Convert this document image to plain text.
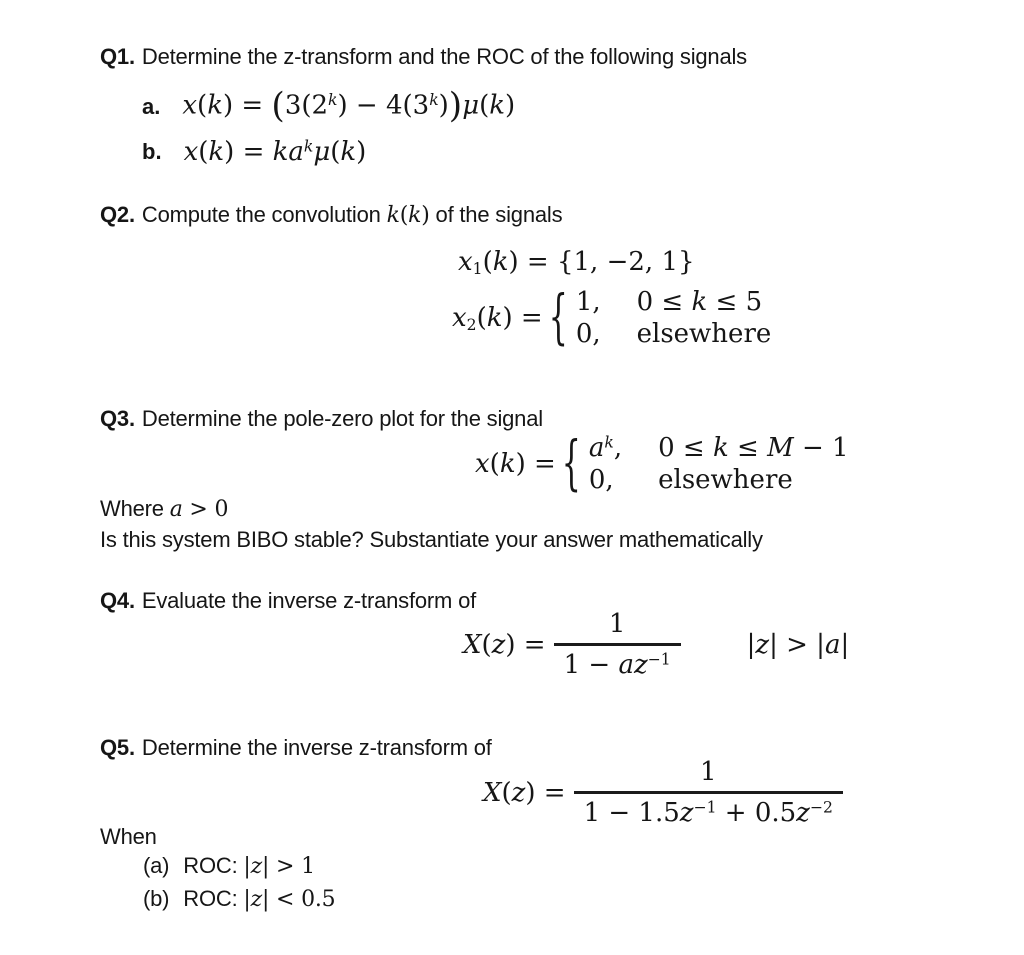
Q1. Determine the z-transform and the ROC of the following signals
a. $x(k) = (3(2^k) - 4(3^k))\mu(k)$
b. $x(k) = ka^k\mu(k)$
Q2. Compute the convolution k(k) of the signals
$x_1(k) = \{1$, −2, 1}
$x_2(k)$ = { 1, 0 ≤ k ≤ 5
0, elsewhere
Q3. Determine the pole-zero plot for the signal
x(k) = { $a^k$, 0 ≤ k ≤ M − 1
0,	elsewhere
Where a > 0
Is this system BIBO stable? Substantiate your answer mathematically
Q4. Evaluate the inverse z-transform of
$X(z) = \frac{1}{1 - az^{-1}}$	|z| > |a|
Q5. Determine the inverse z-transform of
$X(z) = \frac{1}{1 - 1.5z^{-1} + 0.5z^{-2}}$
When
(a) ROC: |z| > 1
(b) ROC: |z| < 0.5
